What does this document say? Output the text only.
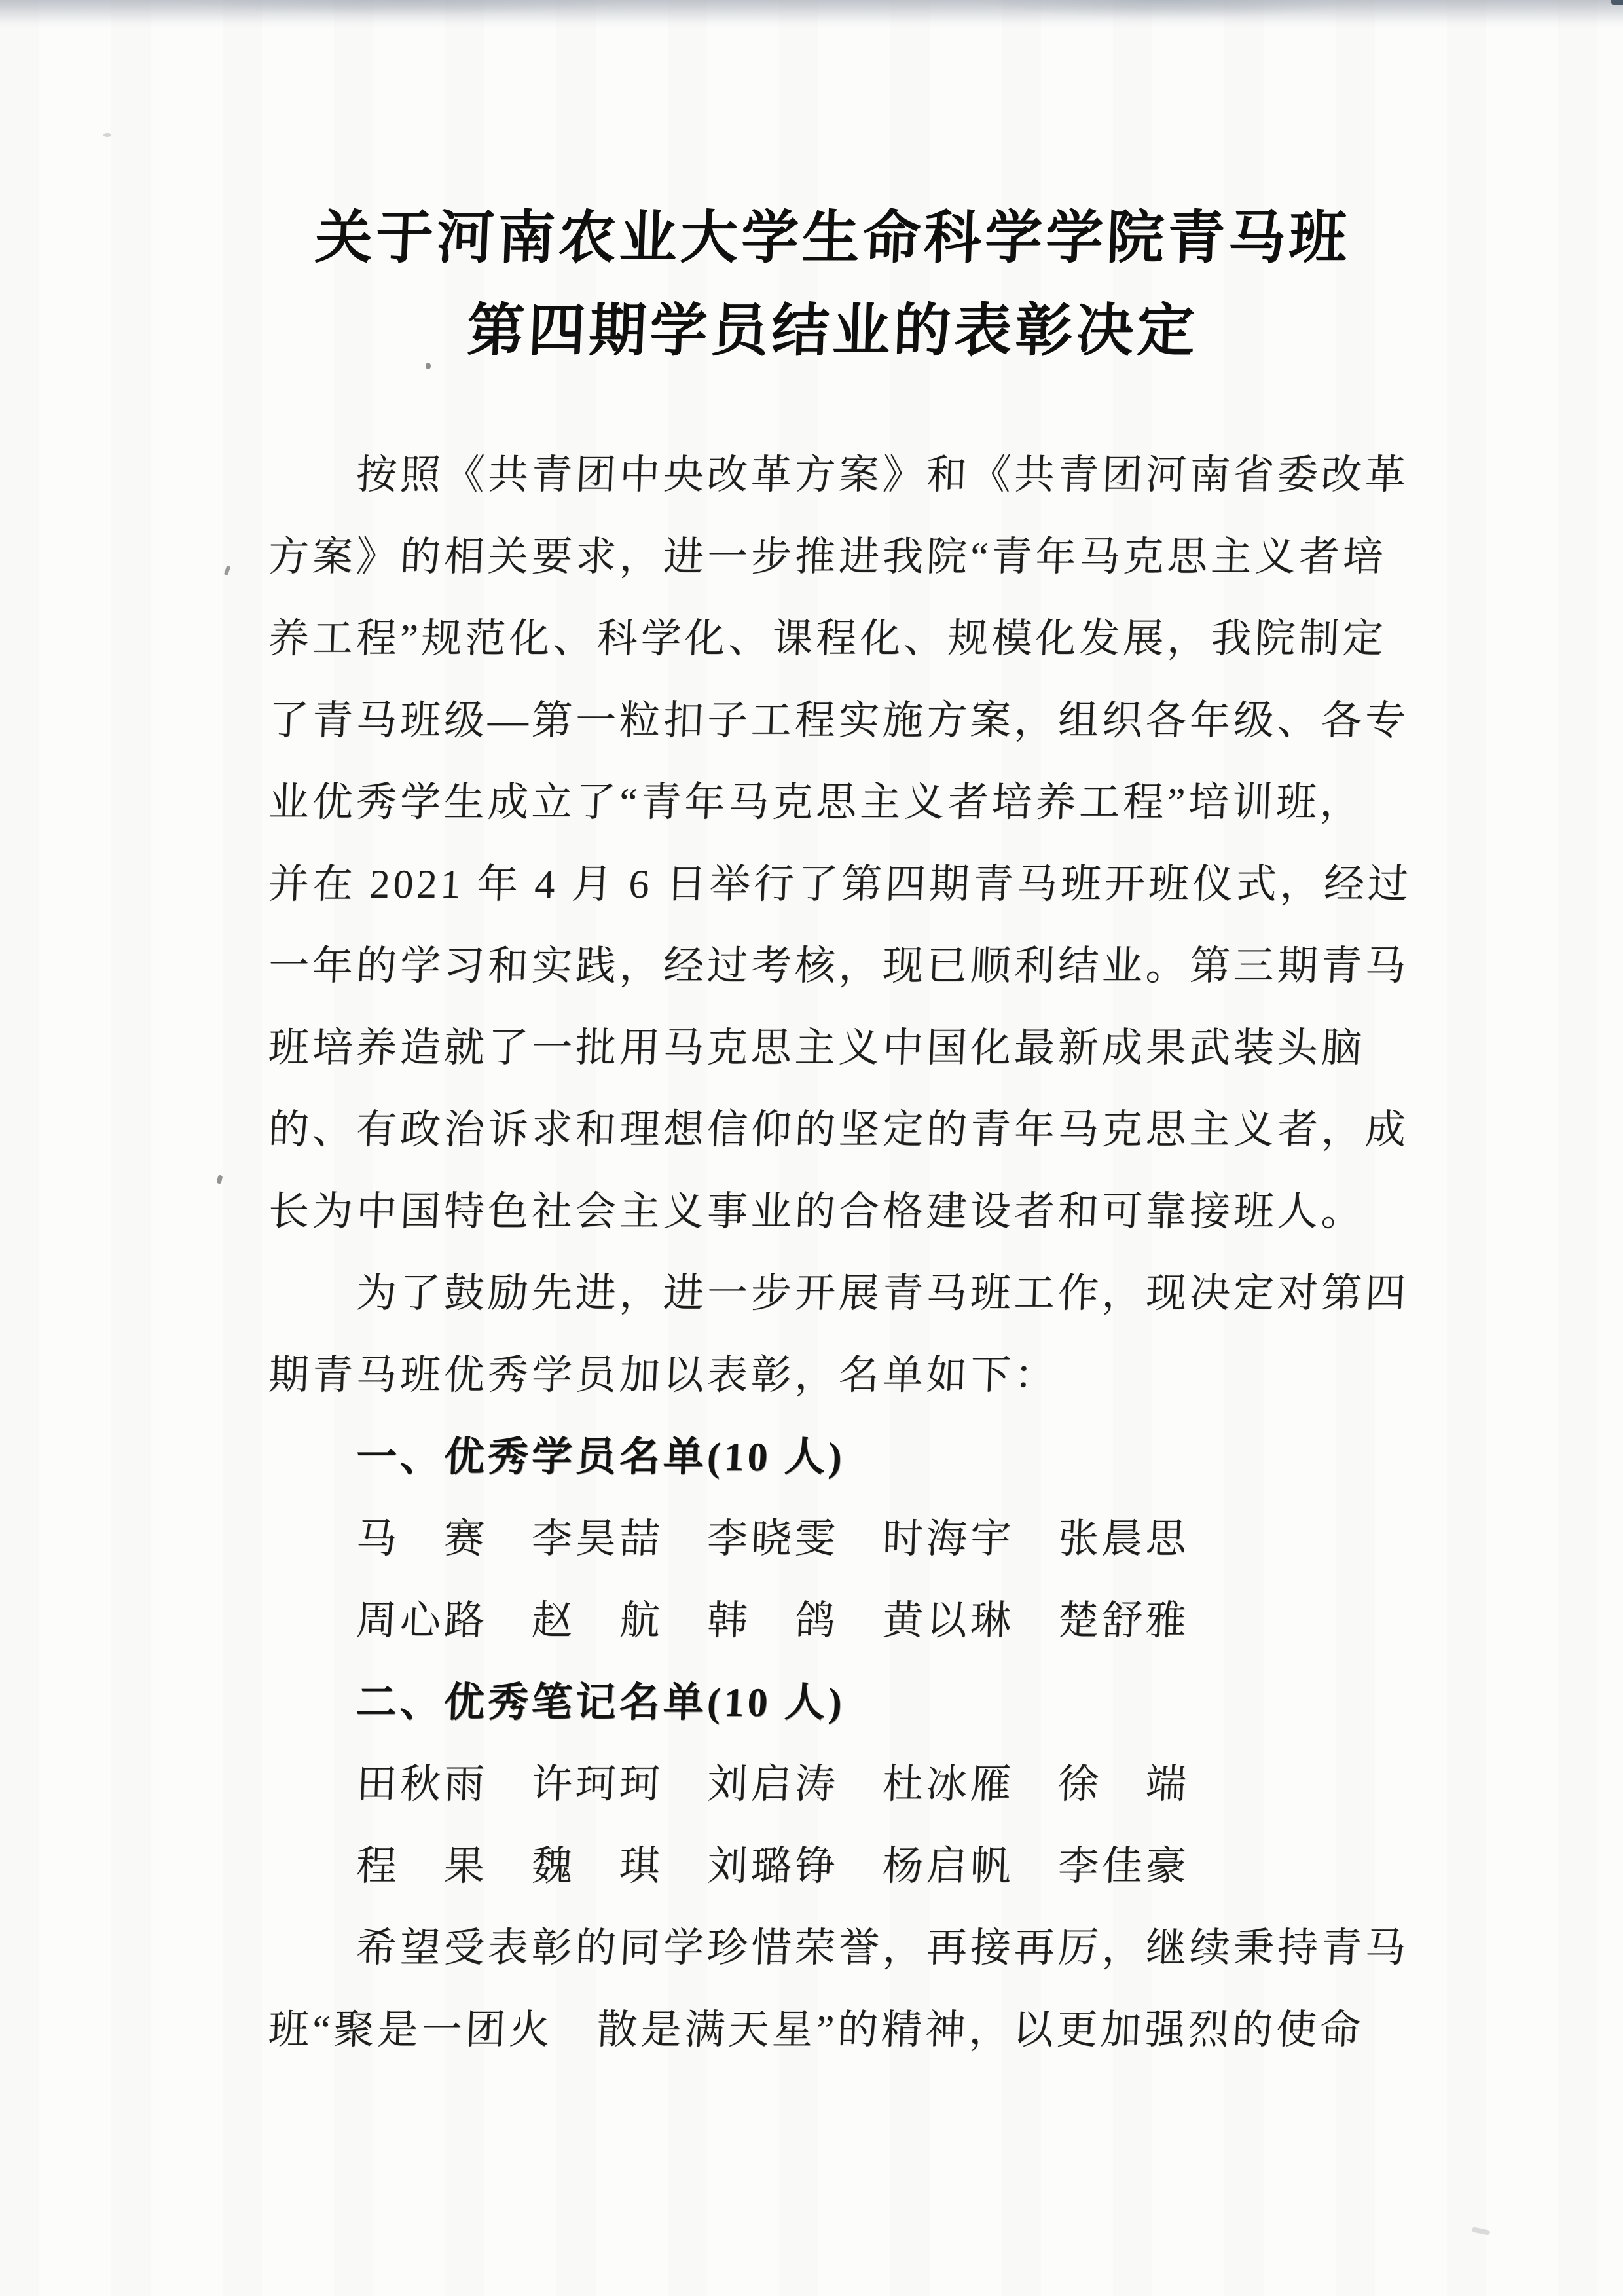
关于河南农业大学生命科学学院青马班
第四期学员结业的表彰决定
按照《共青团中央改革方案》和《共青团河南省委改革
方案》的相关要求，进一步推进我院“青年马克思主义者培
养工程”规范化、科学化、课程化、规模化发展，我院制定
了青马班级—第一粒扣子工程实施方案，组织各年级、各专
业优秀学生成立了“青年马克思主义者培养工程”培训班，
并在 2021 年 4 月 6 日举行了第四期青马班开班仪式，经过
一年的学习和实践，经过考核，现已顺利结业。第三期青马
班培养造就了一批用马克思主义中国化最新成果武装头脑
的、有政治诉求和理想信仰的坚定的青年马克思主义者，成
长为中国特色社会主义事业的合格建设者和可靠接班人。
为了鼓励先进，进一步开展青马班工作，现决定对第四
期青马班优秀学员加以表彰，名单如下：
一、优秀学员名单(10 人)
马　赛　李昊喆　李晓雯　时海宇　张晨思
周心路　赵　航　韩　鸽　黄以琳　楚舒雅
二、优秀笔记名单(10 人)
田秋雨　许珂珂　刘启涛　杜冰雁　徐　端
程　果　魏　琪　刘璐铮　杨启帆　李佳豪
希望受表彰的同学珍惜荣誉，再接再厉，继续秉持青马
班“聚是一团火　散是满天星”的精神，以更加强烈的使命
